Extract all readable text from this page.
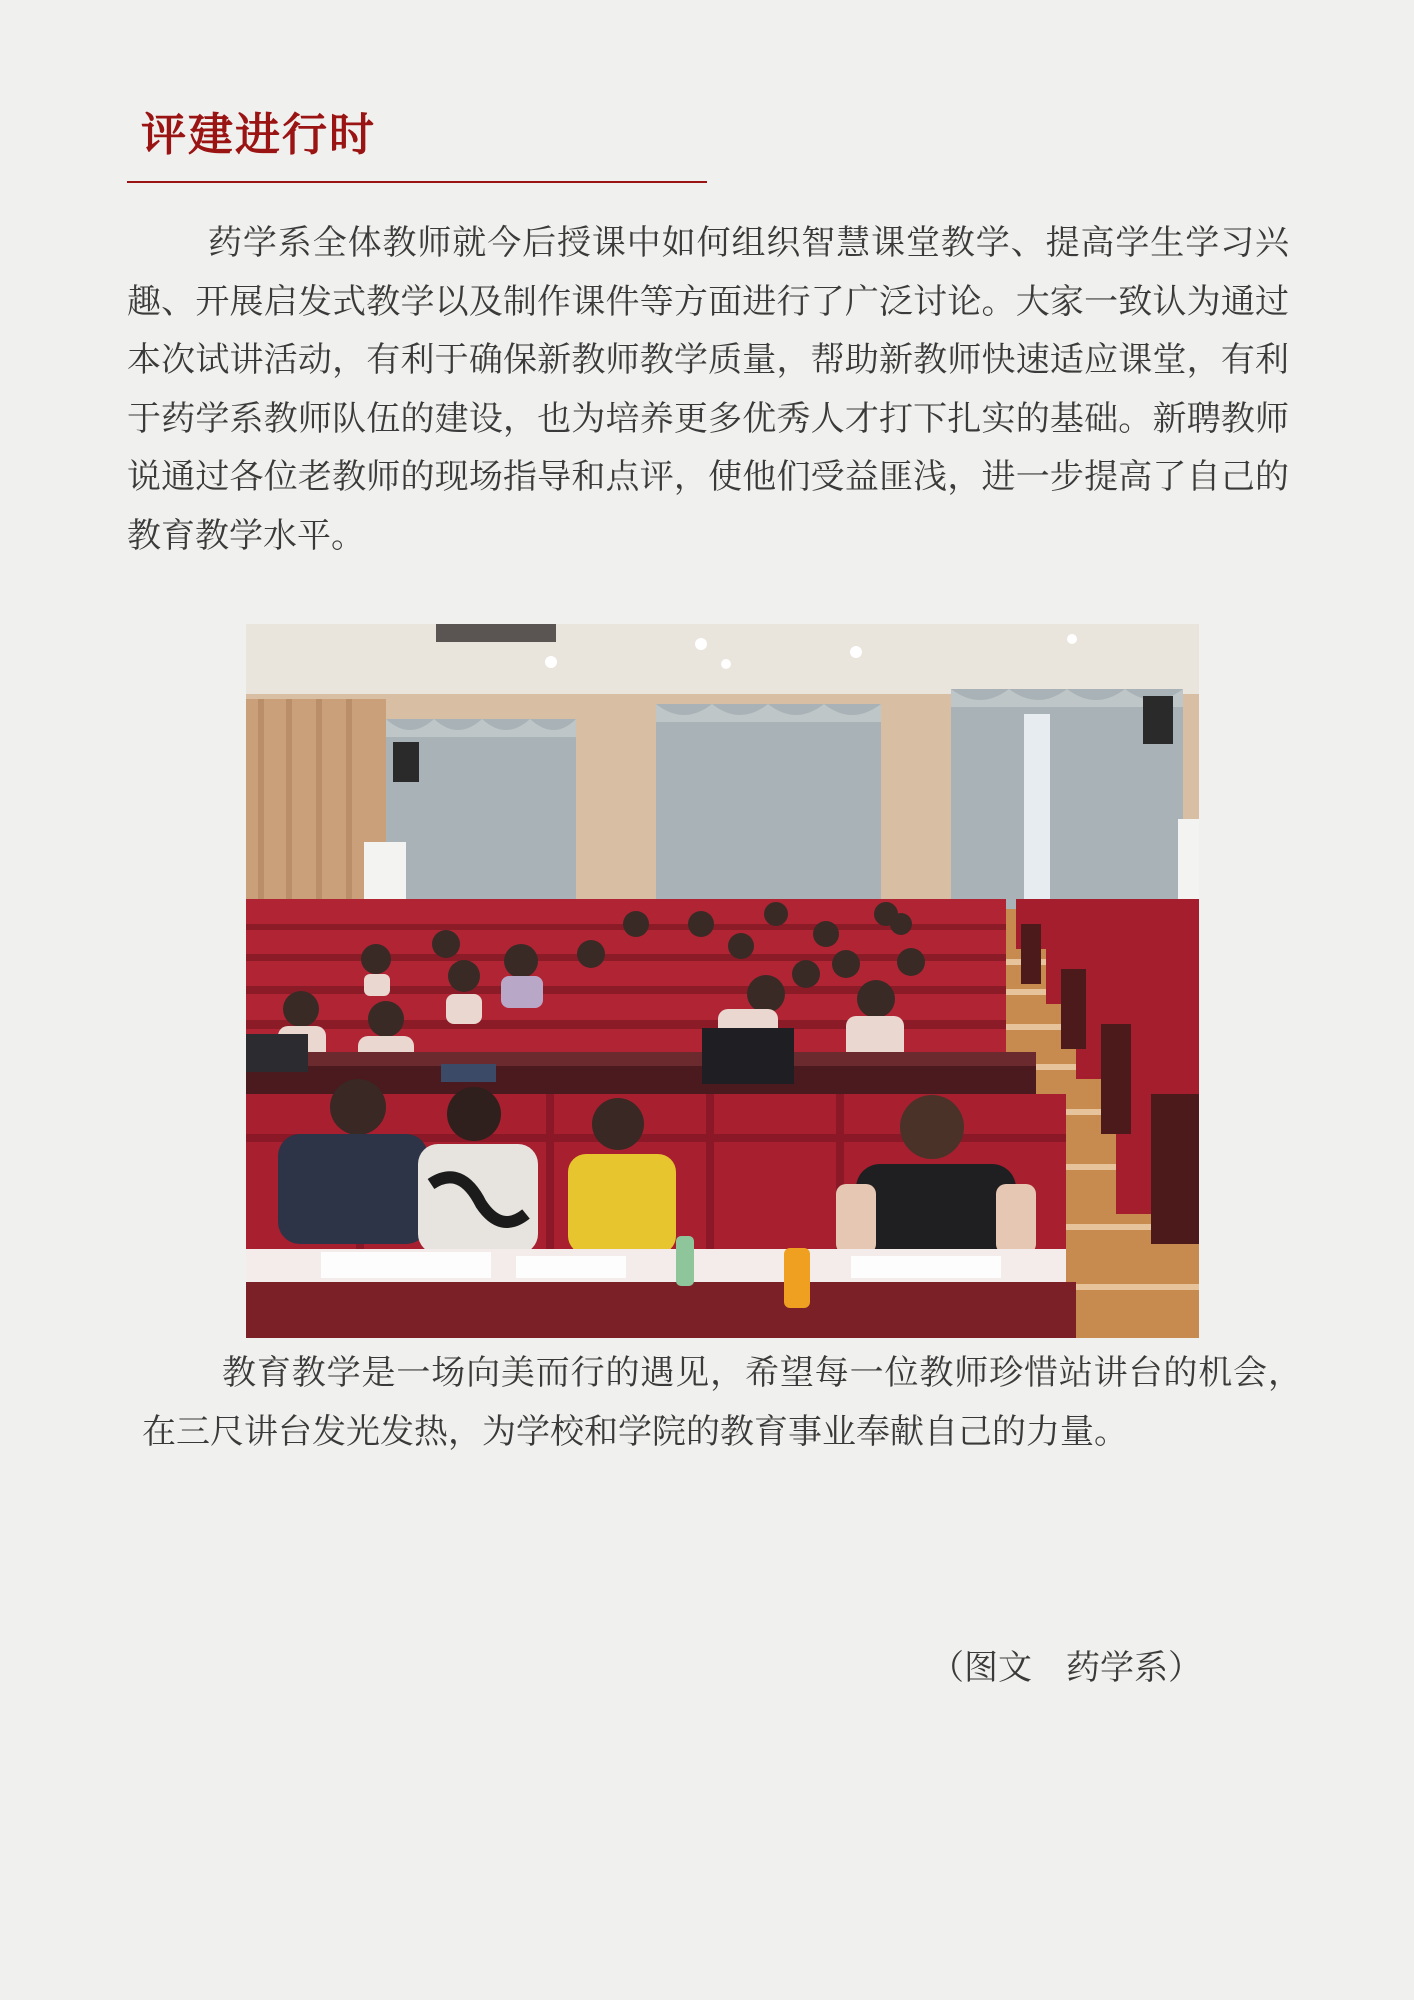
评建进行时

药学系全体教师就今后授课中如何组织智慧课堂教学、提高学生学习兴趣、开展启发式教学以及制作课件等方面进行了广泛讨论。大家一致认为通过本次试讲活动，有利于确保新教师教学质量，帮助新教师快速适应课堂，有利于药学系教师队伍的建设，也为培养更多优秀人才打下扎实的基础。新聘教师说通过各位老教师的现场指导和点评，使他们受益匪浅，进一步提高了自己的教育教学水平。

教育教学是一场向美而行的遇见，希望每一位教师珍惜站讲台的机会，在三尺讲台发光发热，为学校和学院的教育事业奉献自己的力量。

（图文　药学系）
